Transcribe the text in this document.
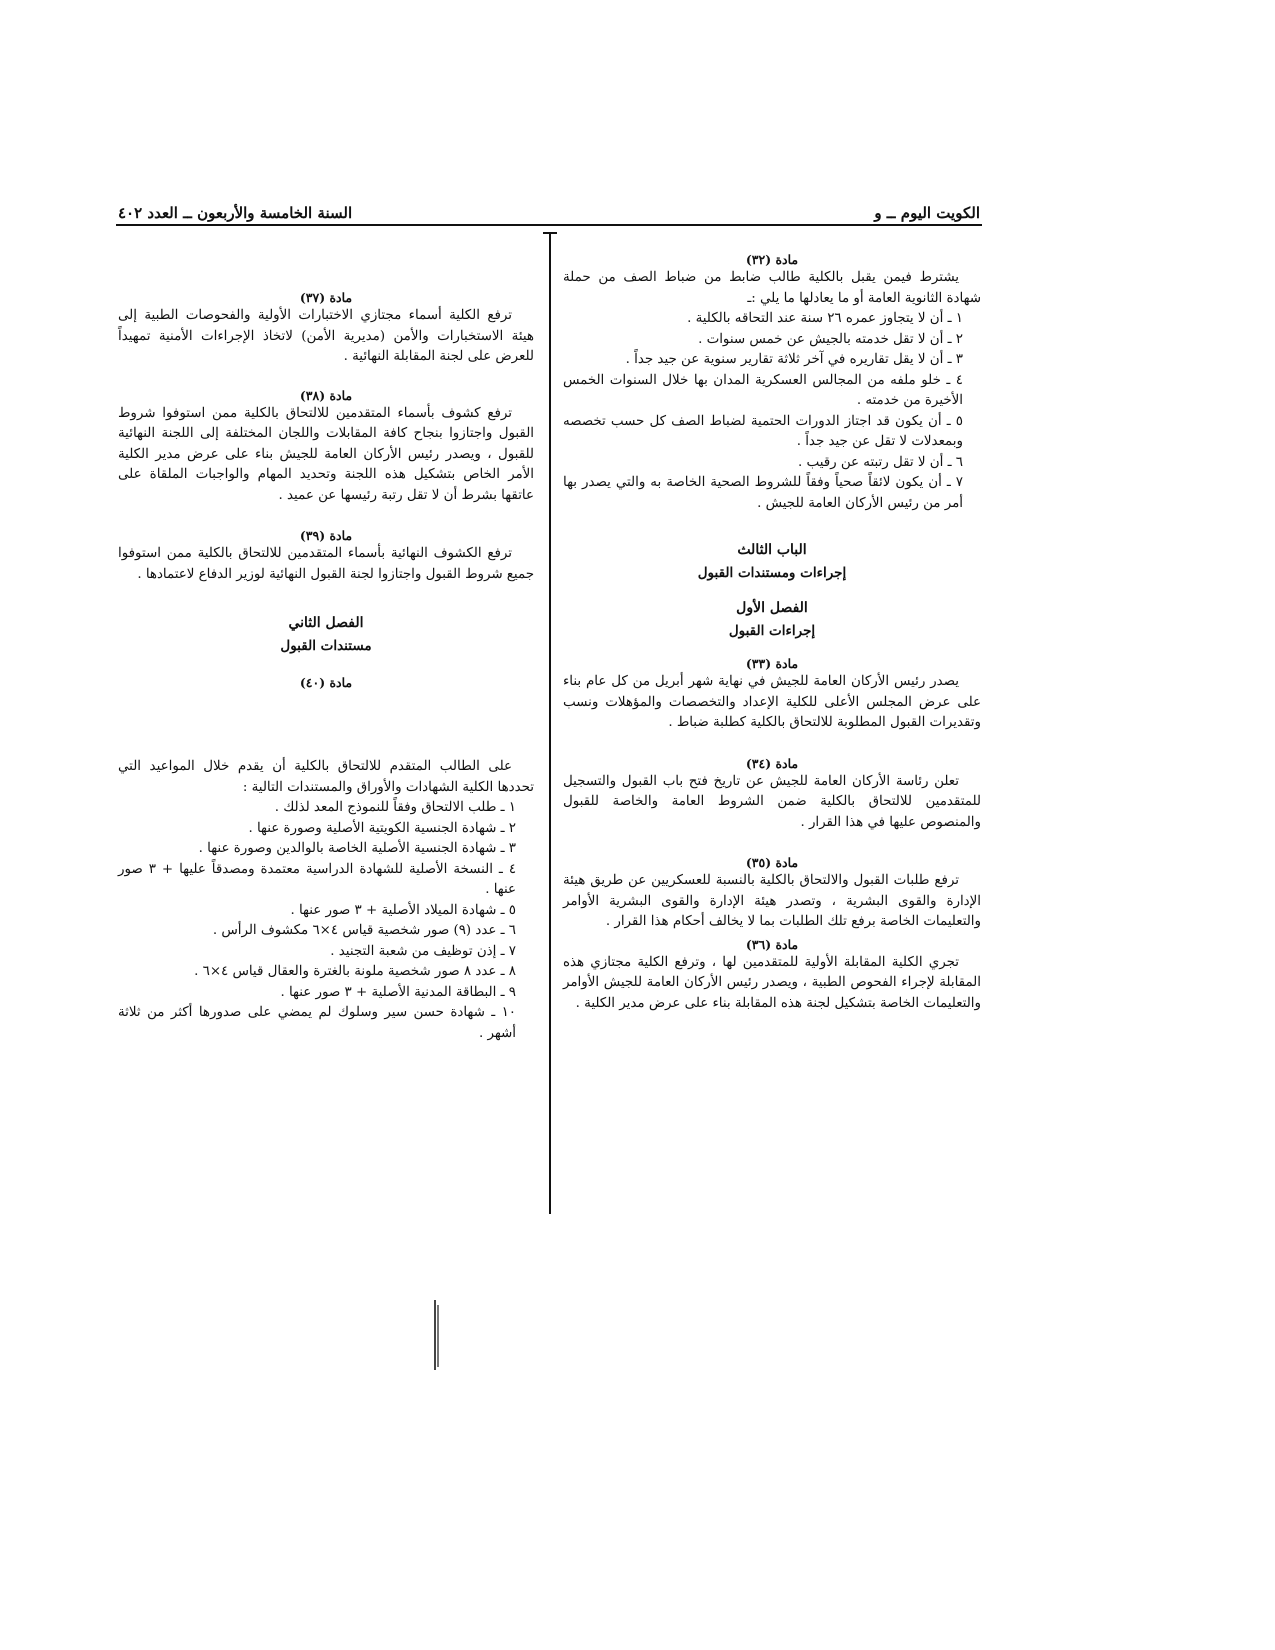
الكويت اليوم ــ و
السنة الخامسة والأربعون ــ العدد ٤٠٢

مادة (٣٢)

يشترط فيمن يقبل بالكلية طالب ضابط من ضباط الصف من حملة شهادة الثانوية العامة أو ما يعادلها ما يلي :ـ

١ ـ أن لا يتجاوز عمره ٢٦ سنة عند التحاقه بالكلية .

٢ ـ أن لا تقل خدمته بالجيش عن خمس سنوات .

٣ ـ أن لا يقل تقاريره في آخر ثلاثة تقارير سنوية عن جيد جداً .

٤ ـ خلو ملفه من المجالس العسكرية المدان بها خلال السنوات الخمس الأخيرة من خدمته .

٥ ـ أن يكون قد اجتاز الدورات الحتمية لضباط الصف كل حسب تخصصه وبمعدلات لا تقل عن جيد جداً .

٦ ـ أن لا تقل رتبته عن رقيب .

٧ ـ أن يكون لائقاً صحياً وفقاً للشروط الصحية الخاصة به والتي يصدر بها أمر من رئيس الأركان العامة للجيش .

الباب الثالث

إجراءات ومستندات القبول

الفصل الأول

إجراءات القبول

مادة (٣٣)

يصدر رئيس الأركان العامة للجيش في نهاية شهر أبريل من كل عام بناء على عرض المجلس الأعلى للكلية الإعداد والتخصصات والمؤهلات ونسب وتقديرات القبول المطلوبة للالتحاق بالكلية كطلبة ضباط .

مادة (٣٤)

تعلن رئاسة الأركان العامة للجيش عن تاريخ فتح باب القبول والتسجيل للمتقدمين للالتحاق بالكلية ضمن الشروط العامة والخاصة للقبول والمنصوص عليها في هذا القرار .

مادة (٣٥)

ترفع طلبات القبول والالتحاق بالكلية بالنسبة للعسكريين عن طريق هيئة الإدارة والقوى البشرية ، وتصدر هيئة الإدارة والقوى البشرية الأوامر والتعليمات الخاصة برفع تلك الطلبات بما لا يخالف أحكام هذا القرار .

مادة (٣٦)

تجري الكلية المقابلة الأولية للمتقدمين لها ، وترفع الكلية مجتازي هذه المقابلة لإجراء الفحوص الطبية ، ويصدر رئيس الأركان العامة للجيش الأوامر والتعليمات الخاصة بتشكيل لجنة هذه المقابلة بناء على عرض مدير الكلية .

مادة (٣٧)

ترفع الكلية أسماء مجتازي الاختبارات الأولية والفحوصات الطبية إلى هيئة الاستخبارات والأمن (مديرية الأمن) لاتخاذ الإجراءات الأمنية تمهيداً للعرض على لجنة المقابلة النهائية .

مادة (٣٨)

ترفع كشوف بأسماء المتقدمين للالتحاق بالكلية ممن استوفوا شروط القبول واجتازوا بنجاح كافة المقابلات واللجان المختلفة إلى اللجنة النهائية للقبول ، ويصدر رئيس الأركان العامة للجيش بناء على عرض مدير الكلية الأمر الخاص بتشكيل هذه اللجنة وتحديد المهام والواجبات الملقاة على عاتقها بشرط أن لا تقل رتبة رئيسها عن عميد .

مادة (٣٩)

ترفع الكشوف النهائية بأسماء المتقدمين للالتحاق بالكلية ممن استوفوا جميع شروط القبول واجتازوا لجنة القبول النهائية لوزير الدفاع لاعتمادها .

الفصل الثاني

مستندات القبول

مادة (٤٠)

على الطالب المتقدم للالتحاق بالكلية أن يقدم خلال المواعيد التي تحددها الكلية الشهادات والأوراق والمستندات التالية :

١ ـ طلب الالتحاق وفقاً للنموذج المعد لذلك .

٢ ـ شهادة الجنسية الكويتية الأصلية وصورة عنها .

٣ ـ شهادة الجنسية الأصلية الخاصة بالوالدين وصورة عنها .

٤ ـ النسخة الأصلية للشهادة الدراسية معتمدة ومصدقاً عليها + ٣ صور عنها .

٥ ـ شهادة الميلاد الأصلية + ٣ صور عنها .

٦ ـ عدد (٩) صور شخصية قياس ٤×٦ مكشوف الرأس .

٧ ـ إذن توظيف من شعبة التجنيد .

٨ ـ عدد ٨ صور شخصية ملونة بالغترة والعقال قياس ٤×٦ .

٩ ـ البطاقة المدنية الأصلية + ٣ صور عنها .

١٠ ـ شهادة حسن سير وسلوك لم يمضي على صدورها أكثر من ثلاثة أشهر .
